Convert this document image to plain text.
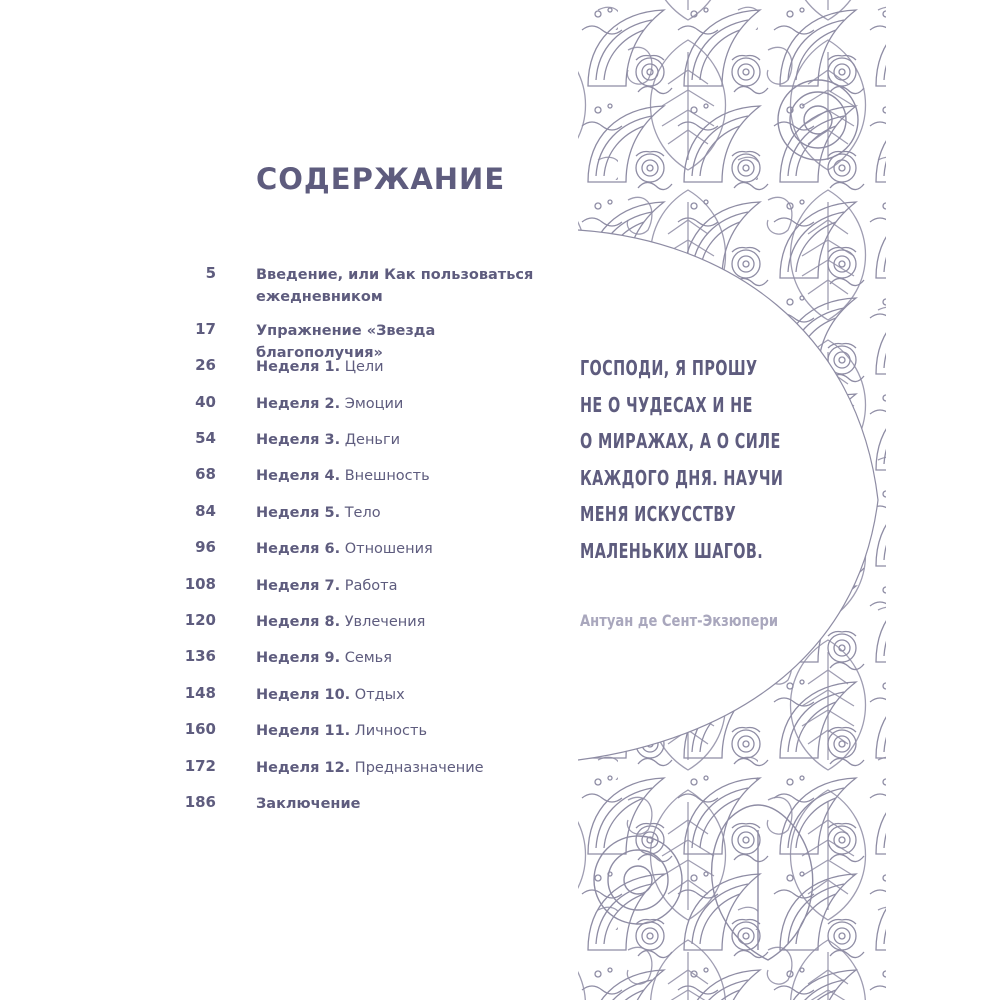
СОДЕРЖАНИЕ
5	Введение, или Как пользоваться
ежедневником
17	Упражнение «Звезда благополучия»
26	Неделя 1. Цели
40	Неделя 2. Эмоции
54	Неделя 3. Деньги
68	Неделя 4. Внешность
84	Неделя 5. Тело
96	Неделя 6. Отношения
108	Неделя 7. Работа
120	Неделя 8. Увлечения
136	Неделя 9. Семья
148	Неделя 10. Отдых
160	Неделя 11. Личность
172	Неделя 12. Предназначение
186	Заключение
ГОСПОДИ, Я ПРОШУ
НЕ О ЧУДЕСАХ И НЕ
О МИРАЖАХ, А О СИЛЕ
КАЖДОГО ДНЯ. НАУЧИ
МЕНЯ ИСКУССТВУ
МАЛЕНЬКИХ ШАГОВ.
Антуан де Сент-Экзюпери
